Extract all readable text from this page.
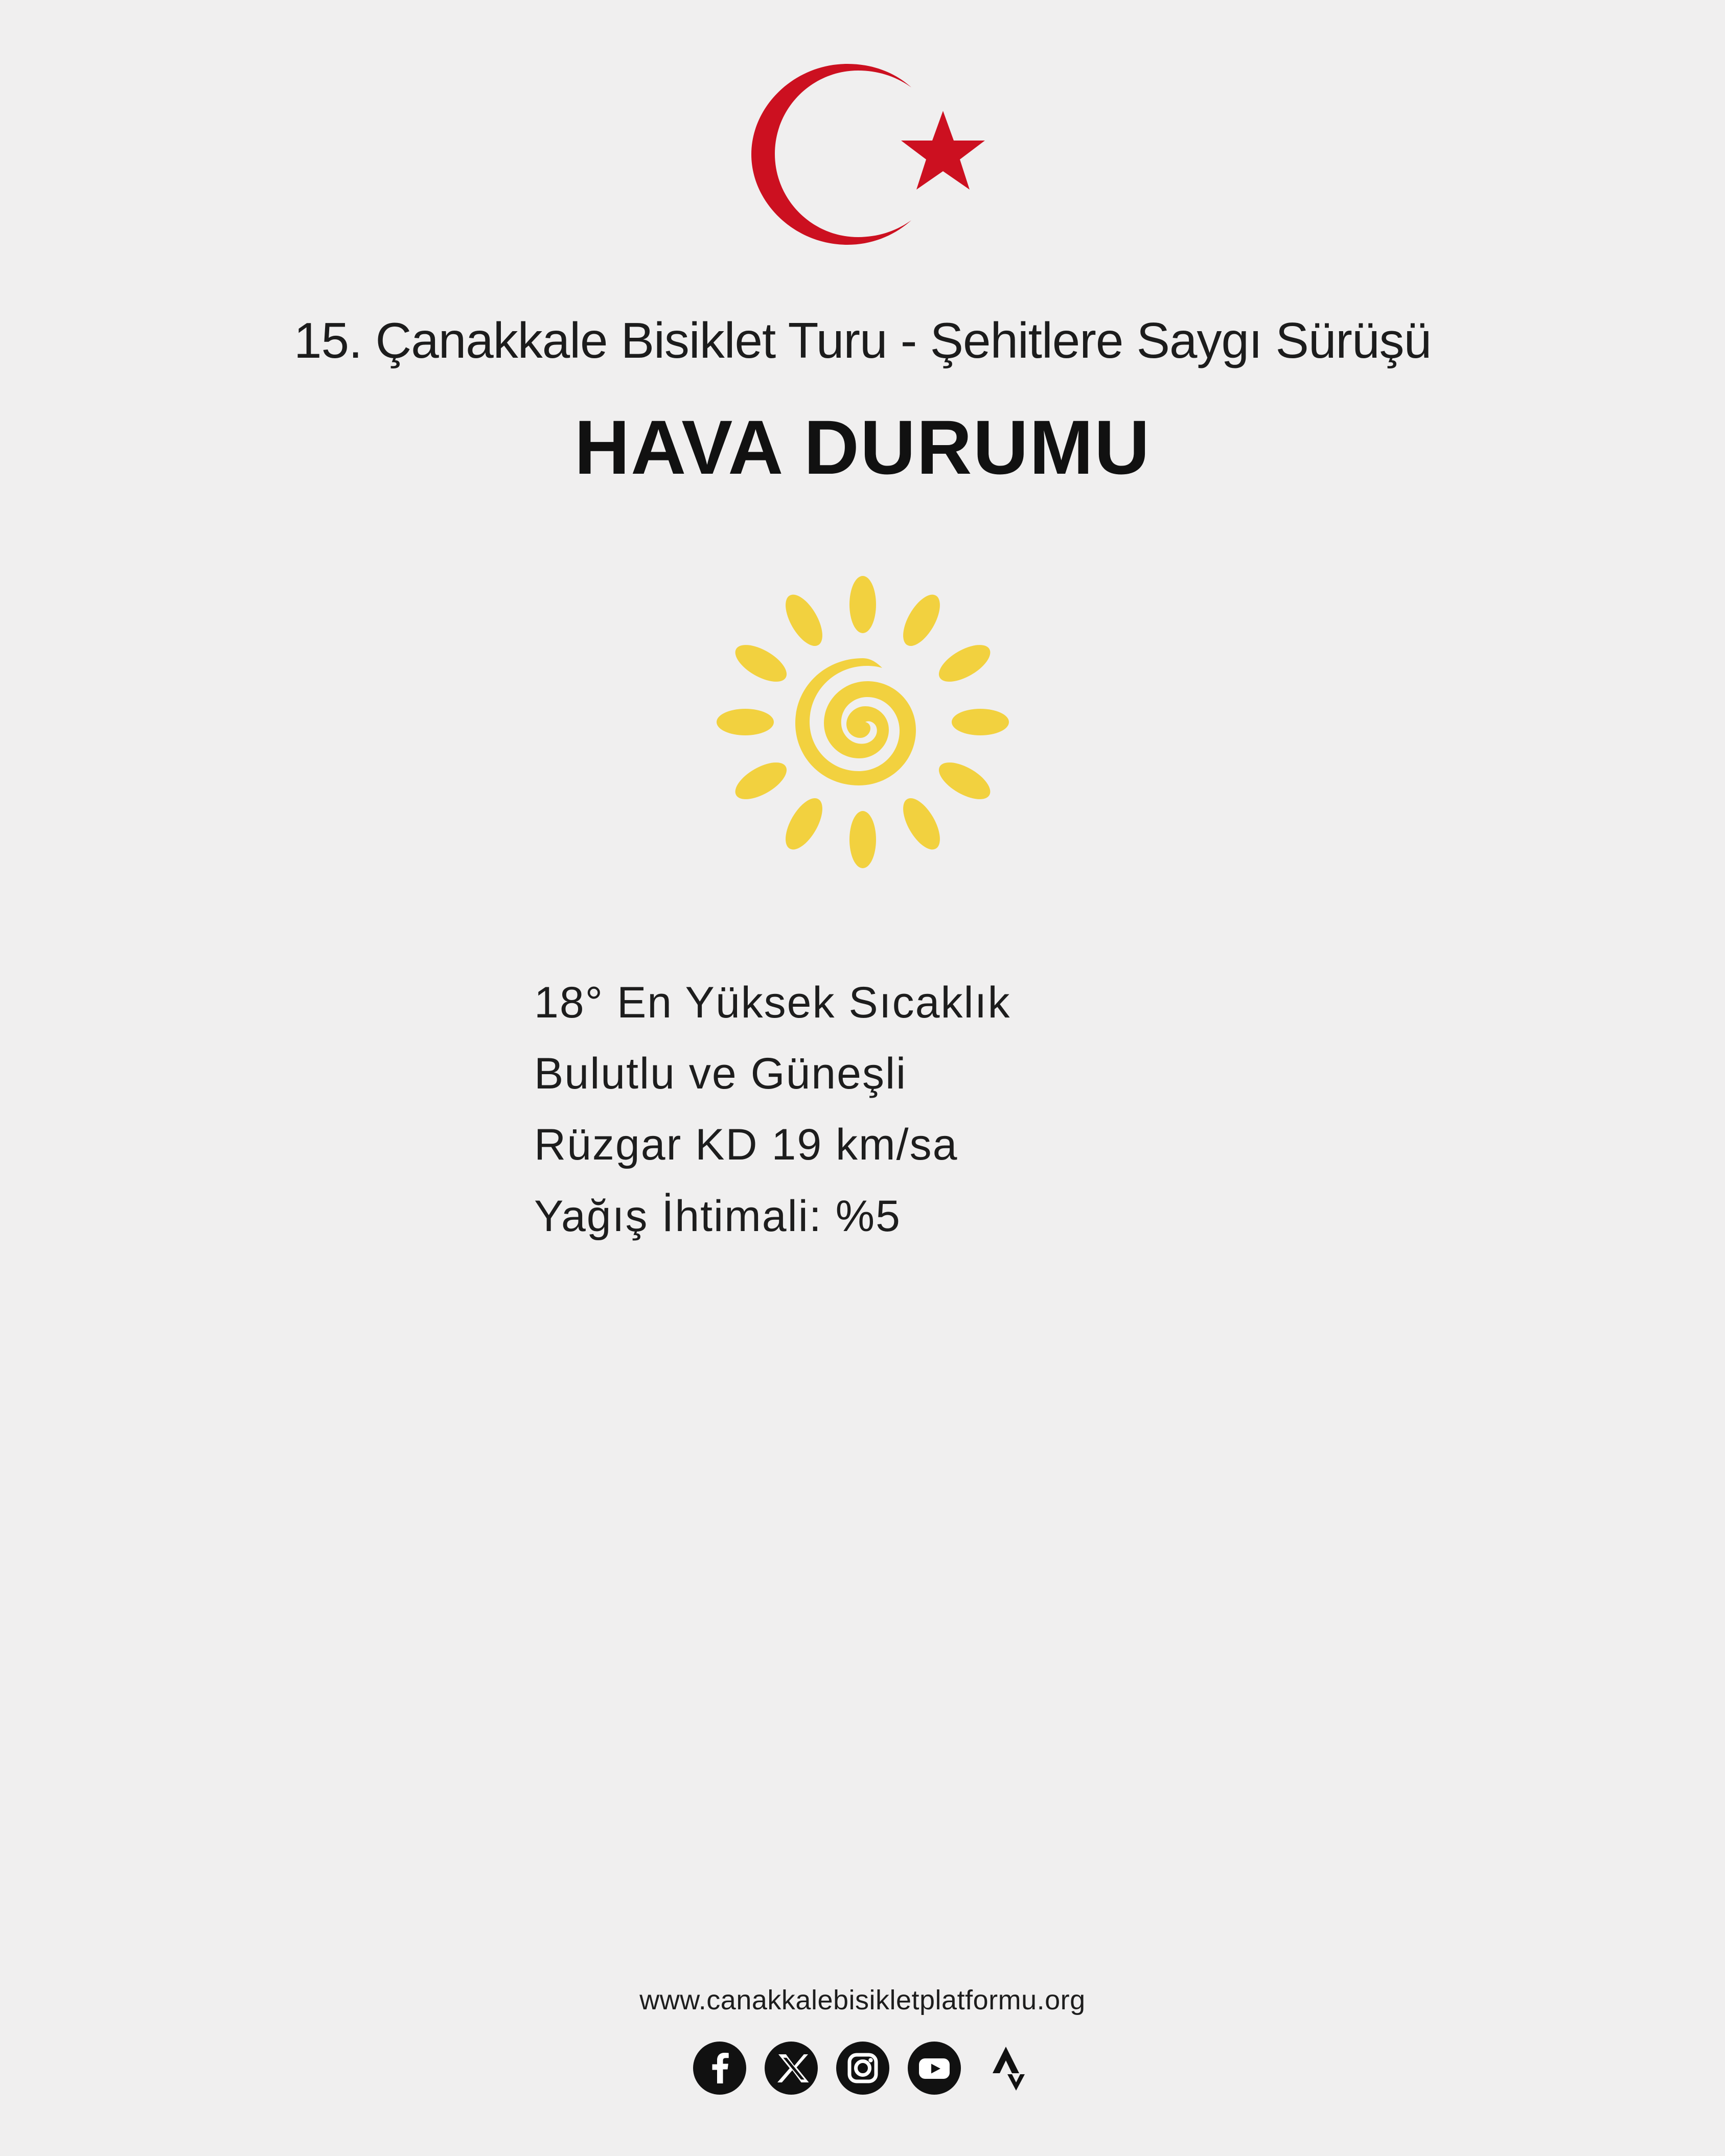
15. Çanakkale Bisiklet Turu - Şehitlere Saygı Sürüşü
HAVA DURUMU
18° En Yüksek Sıcaklık
Bulutlu ve Güneşli
Rüzgar KD 19 km/sa
Yağış İhtimali: %5
www.canakkalebisikletplatformu.org
